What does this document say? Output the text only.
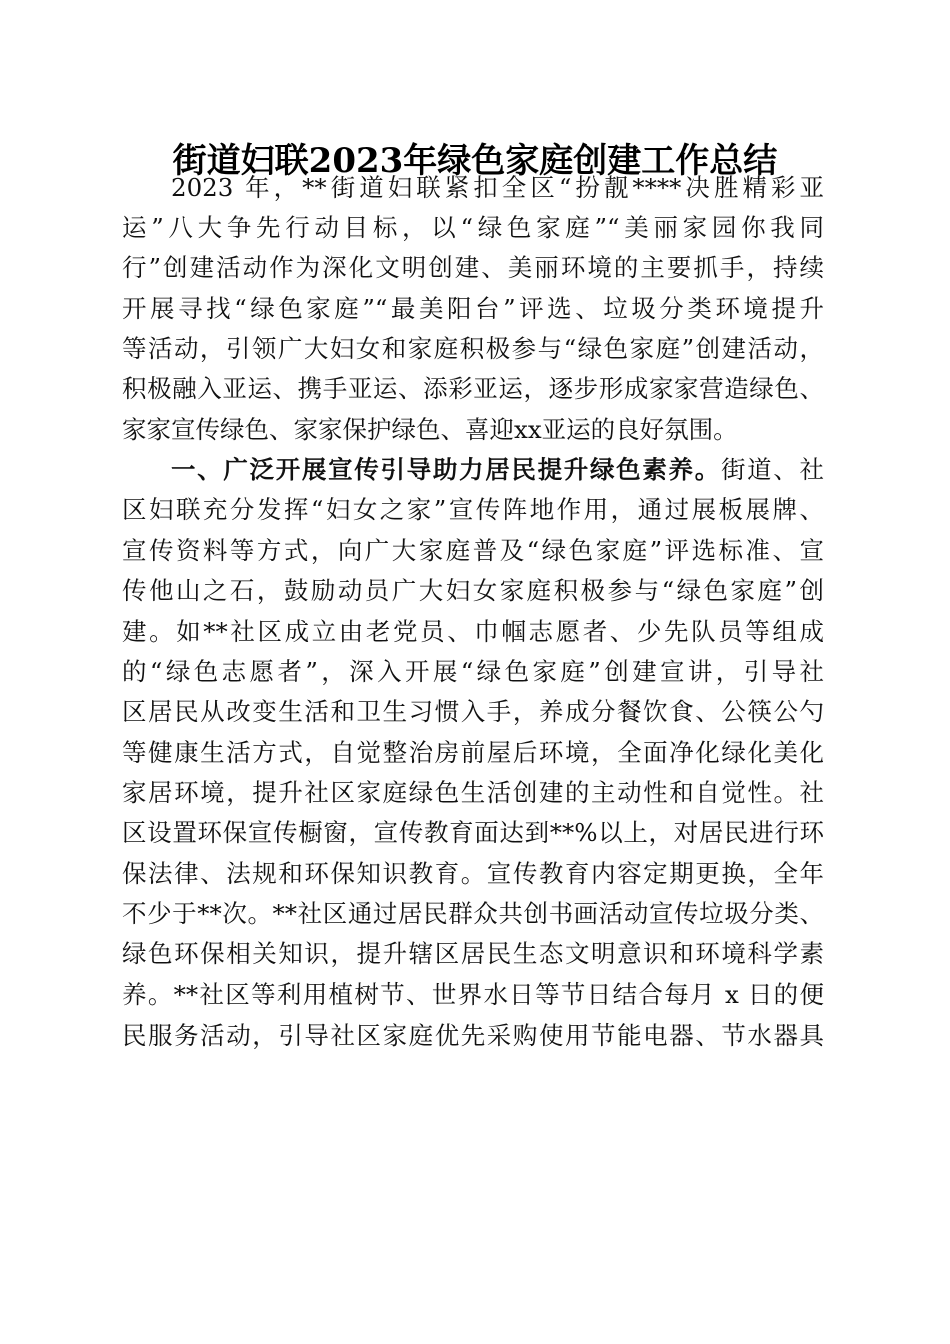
街道妇联2023年绿色家庭创建工作总结

2023 年，**街道妇联紧扣全区“扮靓****决胜精彩亚

运”八大争先行动目标，以“绿色家庭”“美丽家园你我同

行”创建活动作为深化文明创建、美丽环境的主要抓手，持续

开展寻找“绿色家庭”“最美阳台”评选、垃圾分类环境提升

等活动，引领广大妇女和家庭积极参与“绿色家庭”创建活动，

积极融入亚运、携手亚运、添彩亚运，逐步形成家家营造绿色、

家家宣传绿色、家家保护绿色、喜迎xx亚运的良好氛围。

一、广泛开展宣传引导助力居民提升绿色素养。街道、社

区妇联充分发挥“妇女之家”宣传阵地作用，通过展板展牌、

宣传资料等方式，向广大家庭普及“绿色家庭”评选标准、宣

传他山之石，鼓励动员广大妇女家庭积极参与“绿色家庭”创

建。如**社区成立由老党员、巾帼志愿者、少先队员等组成

的“绿色志愿者”，深入开展“绿色家庭”创建宣讲，引导社

区居民从改变生活和卫生习惯入手，养成分餐饮食、公筷公勺

等健康生活方式，自觉整治房前屋后环境，全面净化绿化美化

家居环境，提升社区家庭绿色生活创建的主动性和自觉性。社

区设置环保宣传橱窗，宣传教育面达到**%以上，对居民进行环

保法律、法规和环保知识教育。宣传教育内容定期更换，全年

不少于**次。**社区通过居民群众共创书画活动宣传垃圾分类、

绿色环保相关知识，提升辖区居民生态文明意识和环境科学素

养。**社区等利用植树节、世界水日等节日结合每月 x 日的便

民服务活动，引导社区家庭优先采购使用节能电器、节水器具
